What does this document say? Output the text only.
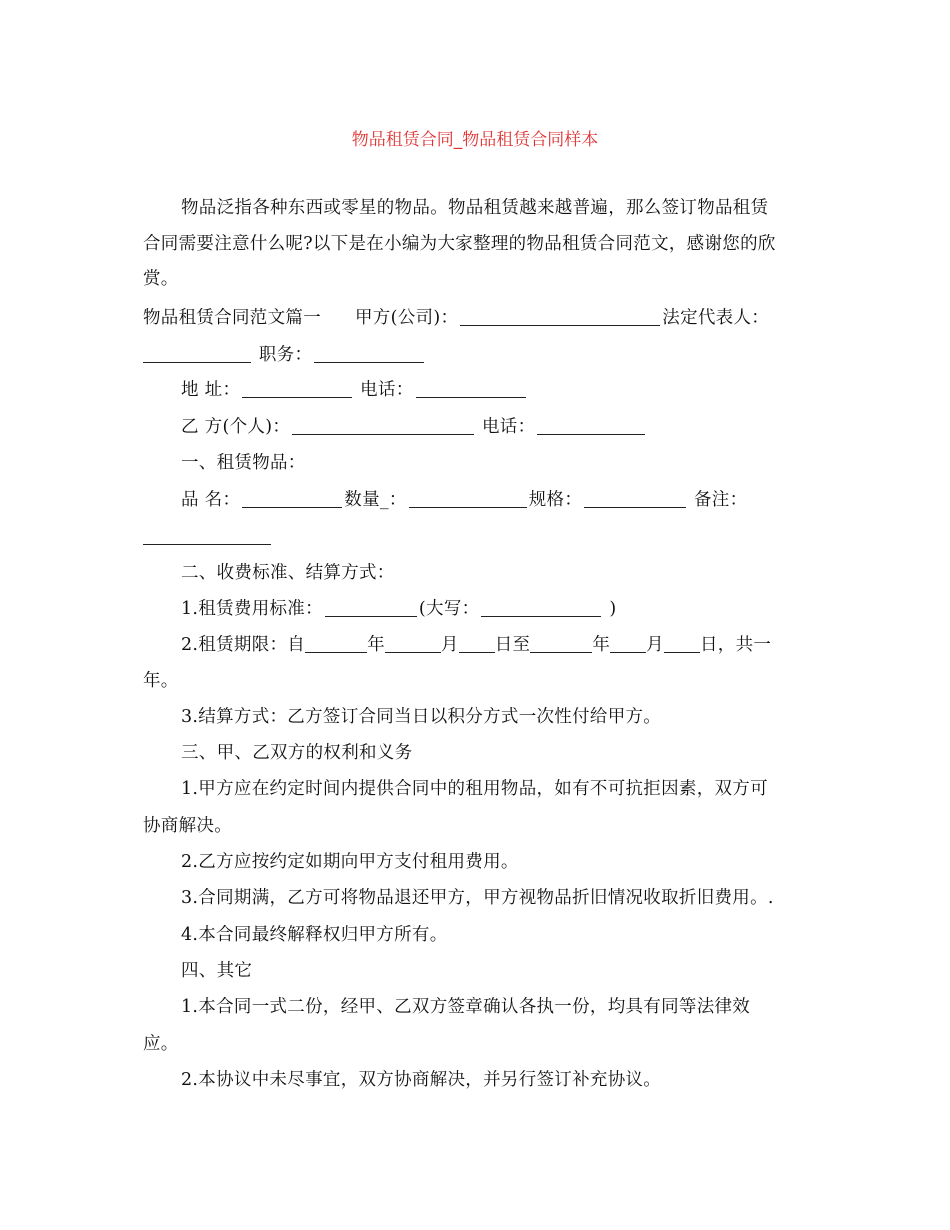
物品租赁合同_物品租赁合同样本
物品泛指各种东西或零星的物品。物品租赁越来越普遍，那么签订物品租赁
合同需要注意什么呢?以下是在小编为大家整理的物品租赁合同范文，感谢您的欣
赏。
物品租赁合同范文篇一 甲方(公司)：	法定代表人：
职务：
地 址：	电话：
乙 方(个人)：	电话：
一、租赁物品：
品 名：	数量_：	规格：	备注：
二、收费标准、结算方式：
1.租赁费用标准：	(大写：	)
2.租赁期限：自	年	月 日至	年 月 日，共一
年。
3.结算方式：乙方签订合同当日以积分方式一次性付给甲方。
三、甲、乙双方的权利和义务
1.甲方应在约定时间内提供合同中的租用物品，如有不可抗拒因素，双方可
协商解决。
2.乙方应按约定如期向甲方支付租用费用。
3.合同期满，乙方可将物品退还甲方，甲方视物品折旧情况收取折旧费用。.
4.本合同最终解释权归甲方所有。
四、其它
1.本合同一式二份，经甲、乙双方签章确认各执一份，均具有同等法律效
应。
2.本协议中未尽事宜，双方协商解决，并另行签订补充协议。
